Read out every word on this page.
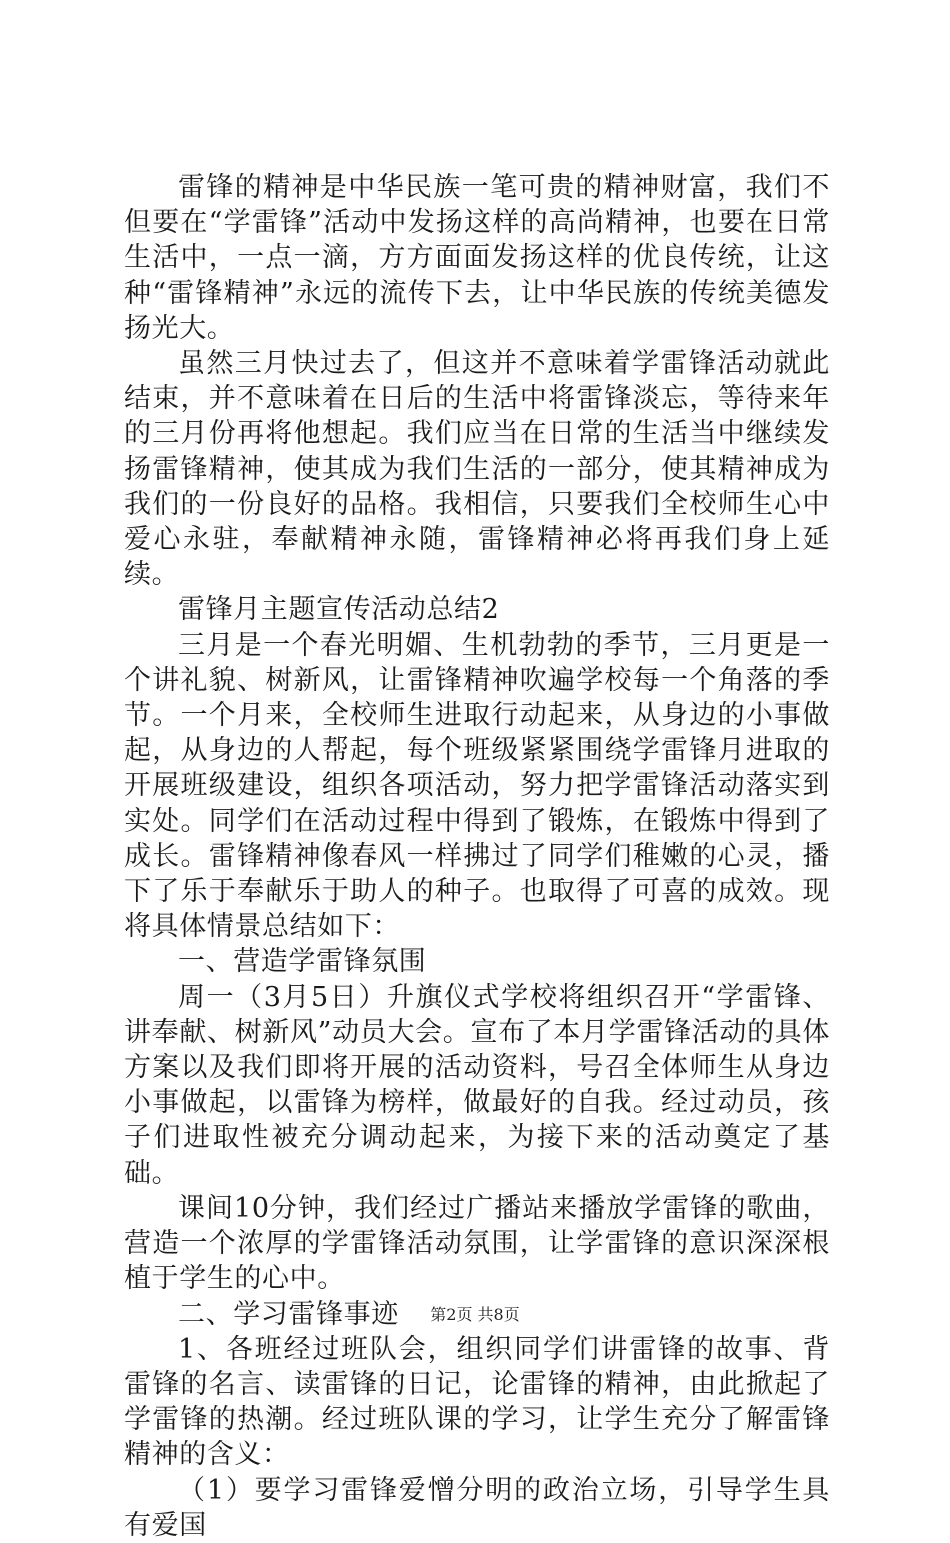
雷锋的精神是中华民族一笔可贵的精神财富，我们不但要在“学雷锋”活动中发扬这样的高尚精神，也要在日常生活中，一点一滴，方方面面发扬这样的优良传统，让这种“雷锋精神”永远的流传下去，让中华民族的传统美德发扬光大。

虽然三月快过去了，但这并不意味着学雷锋活动就此结束，并不意味着在日后的生活中将雷锋淡忘，等待来年的三月份再将他想起。我们应当在日常的生活当中继续发扬雷锋精神，使其成为我们生活的一部分，使其精神成为我们的一份良好的品格。我相信，只要我们全校师生心中爱心永驻，奉献精神永随，雷锋精神必将再我们身上延续。

雷锋月主题宣传活动总结2

三月是一个春光明媚、生机勃勃的季节，三月更是一个讲礼貌、树新风，让雷锋精神吹遍学校每一个角落的季节。一个月来，全校师生进取行动起来，从身边的小事做起，从身边的人帮起，每个班级紧紧围绕学雷锋月进取的开展班级建设，组织各项活动，努力把学雷锋活动落实到实处。同学们在活动过程中得到了锻炼，在锻炼中得到了成长。雷锋精神像春风一样拂过了同学们稚嫩的心灵，播下了乐于奉献乐于助人的种子。也取得了可喜的成效。现将具体情景总结如下：

一、营造学雷锋氛围

周一（3月5日）升旗仪式学校将组织召开“学雷锋、讲奉献、树新风”动员大会。宣布了本月学雷锋活动的具体方案以及我们即将开展的活动资料，号召全体师生从身边小事做起，以雷锋为榜样，做最好的自我。经过动员，孩子们进取性被充分调动起来，为接下来的活动奠定了基础。

课间10分钟，我们经过广播站来播放学雷锋的歌曲，营造一个浓厚的学雷锋活动氛围，让学雷锋的意识深深根植于学生的心中。

二、学习雷锋事迹

1、各班经过班队会，组织同学们讲雷锋的故事、背雷锋的名言、读雷锋的日记，论雷锋的精神，由此掀起了学雷锋的热潮。经过班队课的学习，让学生充分了解雷锋精神的含义：

（1）要学习雷锋爱憎分明的政治立场，引导学生具有爱国

第2页 共8页
